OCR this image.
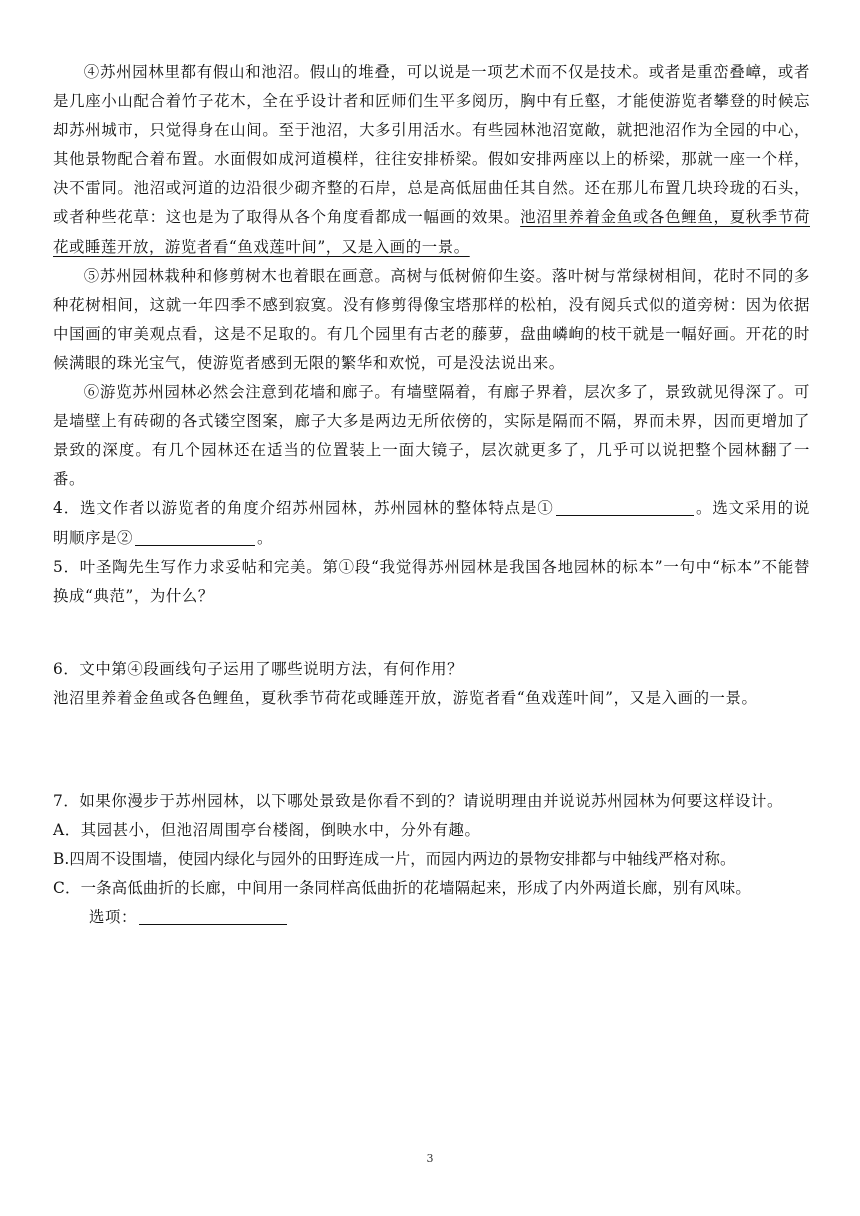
④苏州园林里都有假山和池沼。假山的堆叠，可以说是一项艺术而不仅是技术。或者是重峦叠嶂，或者是几座小山配合着竹子花木，全在乎设计者和匠师们生平多阅历，胸中有丘壑，才能使游览者攀登的时候忘却苏州城市，只觉得身在山间。至于池沼，大多引用活水。有些园林池沼宽敞，就把池沼作为全园的中心，其他景物配合着布置。水面假如成河道模样，往往安排桥梁。假如安排两座以上的桥梁，那就一座一个样，决不雷同。池沼或河道的边沿很少砌齐整的石岸，总是高低屈曲任其自然。还在那儿布置几块玲珑的石头，或者种些花草：这也是为了取得从各个角度看都成一幅画的效果。池沼里养着金鱼或各色鲤鱼，夏秋季节荷花或睡莲开放，游览者看“鱼戏莲叶间”，又是入画的一景。

⑤苏州园林栽种和修剪树木也着眼在画意。高树与低树俯仰生姿。落叶树与常绿树相间，花时不同的多种花树相间，这就一年四季不感到寂寞。没有修剪得像宝塔那样的松柏，没有阅兵式似的道旁树：因为依据中国画的审美观点看，这是不足取的。有几个园里有古老的藤萝，盘曲嶙峋的枝干就是一幅好画。开花的时候满眼的珠光宝气，使游览者感到无限的繁华和欢悦，可是没法说出来。

⑥游览苏州园林必然会注意到花墙和廊子。有墙壁隔着，有廊子界着，层次多了，景致就见得深了。可是墙壁上有砖砌的各式镂空图案，廊子大多是两边无所依傍的，实际是隔而不隔，界而未界，因而更增加了景致的深度。有几个园林还在适当的位置装上一面大镜子，层次就更多了，几乎可以说把整个园林翻了一番。

4．选文作者以游览者的角度介绍苏州园林，苏州园林的整体特点是①	。选文采用的说明顺序是②	。

5．叶圣陶先生写作力求妥帖和完美。第①段“我觉得苏州园林是我国各地园林的标本”一句中“标本”不能替换成“典范”，为什么？

6．文中第④段画线句子运用了哪些说明方法，有何作用？

池沼里养着金鱼或各色鲤鱼，夏秋季节荷花或睡莲开放，游览者看“鱼戏莲叶间”，又是入画的一景。

7．如果你漫步于苏州园林，以下哪处景致是你看不到的？请说明理由并说说苏州园林为何要这样设计。

A．其园甚小，但池沼周围亭台楼阁，倒映水中，分外有趣。

B.四周不设围墙，使园内绿化与园外的田野连成一片，而园内两边的景物安排都与中轴线严格对称。

C．一条高低曲折的长廊，中间用一条同样高低曲折的花墙隔起来，形成了内外两道长廊，别有风味。

选项：

3
